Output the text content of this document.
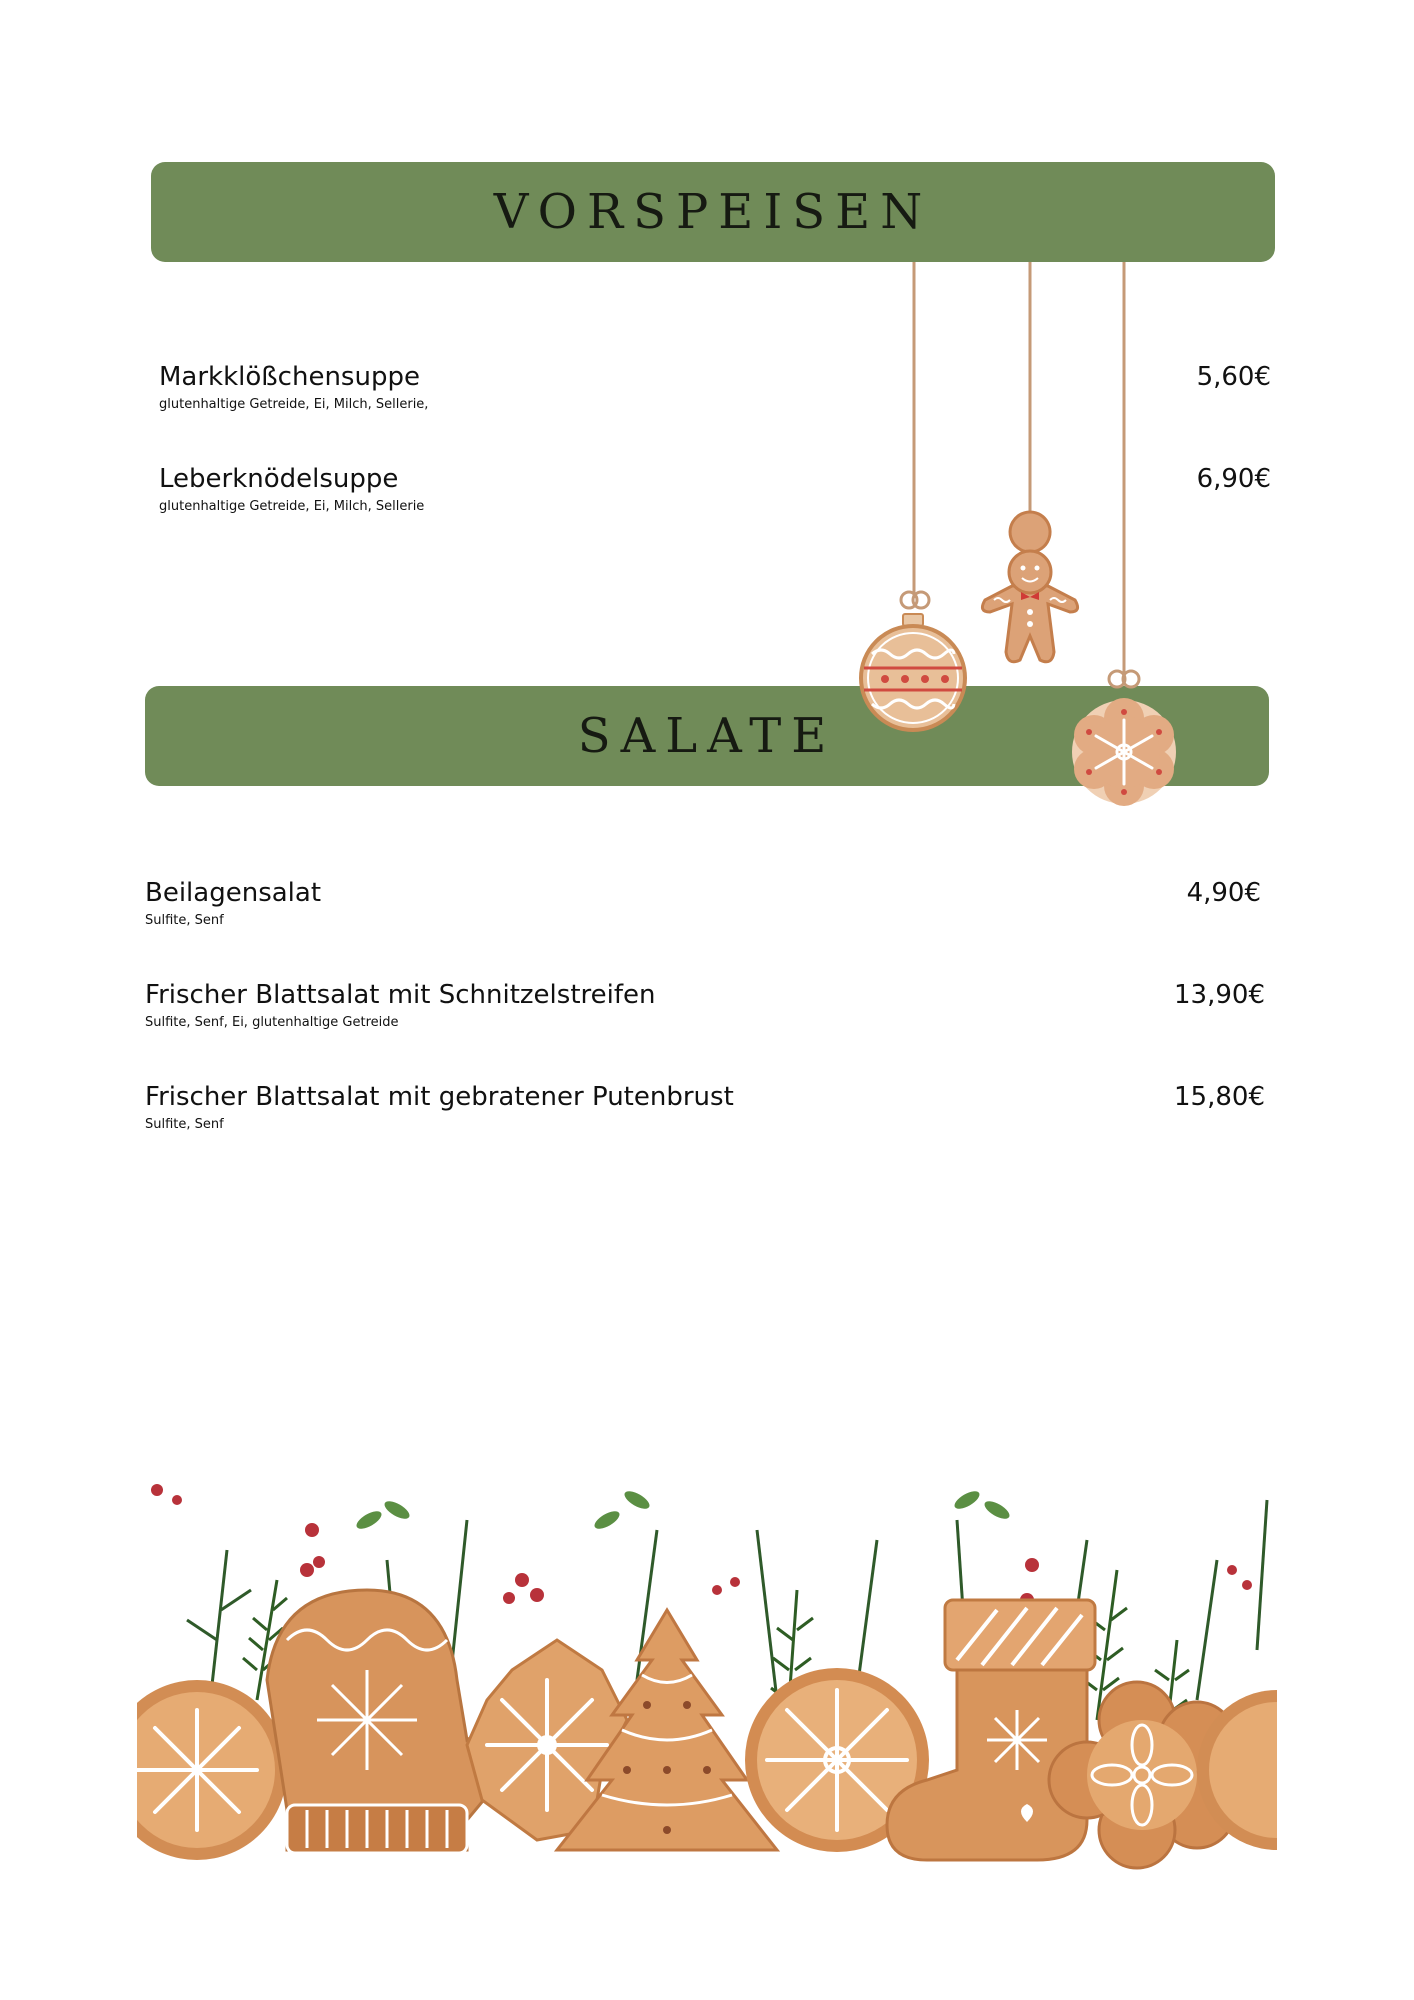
VORSPEISEN
Markklößchensuppe
glutenhaltige Getreide, Ei, Milch, Sellerie,
5,60€
Leberknödelsuppe
glutenhaltige Getreide, Ei, Milch, Sellerie
6,90€
SALATE
Beilagensalat
Sulfite, Senf
4,90€
Frischer Blattsalat mit Schnitzelstreifen
Sulfite, Senf, Ei, glutenhaltige Getreide
13,90€
Frischer Blattsalat mit gebratener Putenbrust
Sulfite, Senf
15,80€
